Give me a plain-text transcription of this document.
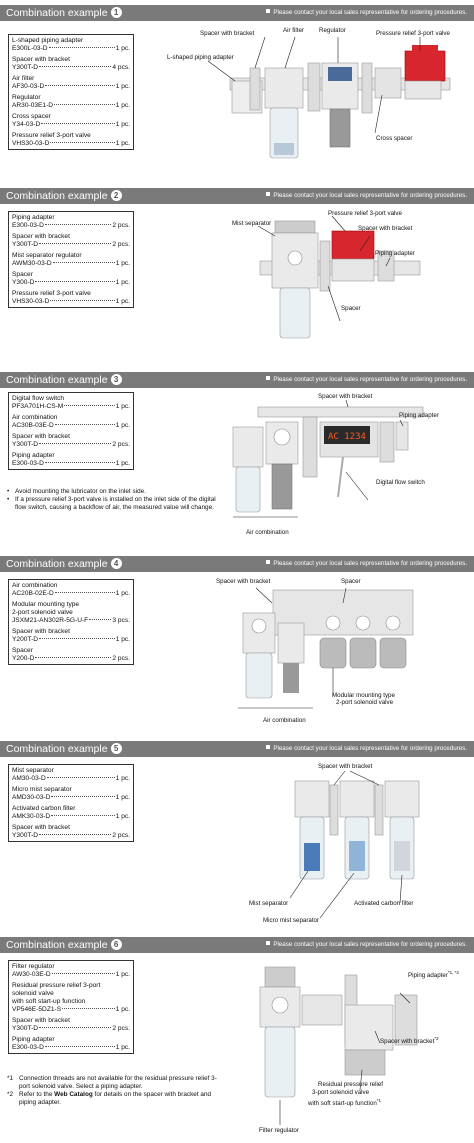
Combination example 1	Please contact your local sales representative for ordering procedures.
L-shaped piping adapter
E300L-03-D	1 pc.
Spacer with bracket
Y300T-D	4 pcs.
Air filter
AF30-03-D	1 pc.
Regulator
AR30-03E1-D	1 pc.
Cross spacer
Y34-03-D	1 pc.
Pressure relief 3-port valve
VHS30-03-D	1 pc.
Spacer with bracket	Air filter Regulator	Pressure relief 3-port valve
L-shaped piping adapter
Cross spacer
Combination example 2	Please contact your local sales representative for ordering procedures.
Piping adapter
E300-03-D	2 pcs.
Spacer with bracket
Y300T-D	2 pcs.
Mist separator regulator
AWM30-03-D	1 pc.
Spacer
Y300-D	1 pc.
Pressure relief 3-port valve
VHS30-03-D	1 pc.
Mist separator
Pressure relief 3-port valve
Spacer with bracket
Piping adapter
Spacer
Combination example 3	Please contact your local sales representative for ordering procedures.
Digital flow switch
PF3A701H-CS-M	1 pc.
Air combination
AC30B-03E-D	1 pc.
Spacer with bracket
Y300T-D	2 pcs.
Piping adapter
E300-03-D	1 pc.
• Avoid mounting the lubricator on the inlet side.
• If a pressure relief 3-port valve is installed on the inlet side of the digital flow switch, causing a backflow of air, the measured value will change.
AC 1234
Spacer with bracket
Piping adapter
Digital flow switch
Air combination
Combination example 4	Please contact your local sales representative for ordering procedures.
Air combination
AC20B-02E-D	1 pc.
Modular mounting type
2-port solenoid valve
JSXM21-AN302R-5G-U-F	3 pcs.
Spacer with bracket
Y200T-D	1 pc.
Spacer
Y200-D	2 pcs.
Spacer with bracket	Spacer
Modular mounting type
2-port solenoid valve
Air combination
Combination example 5	Please contact your local sales representative for ordering procedures.
Mist separator
AM30-03-D	1 pc.
Micro mist separator
AMD30-03-D	1 pc.
Activated carbon filter
AMK30-03-D	1 pc.
Spacer with bracket
Y300T-D	2 pcs.
Spacer with bracket
Mist separator	Activated carbon filter
Micro mist separator
Combination example 6	Please contact your local sales representative for ordering procedures.
Filter regulator
AW30-03E-D	1 pc.
Residual pressure relief 3-port
solenoid valve
with soft start-up function
VP546E-5DZ1-S	1 pc.
Spacer with bracket
Y300T-D	2 pcs.
Piping adapter
E300-03-D	1 pc.
*1 Connection threads are not available for the residual pressure relief 3-port solenoid valve. Select a piping adapter.
*2 Refer to the Web Catalog for details on the spacer with bracket and piping adapter.
Piping adapter$^{*1, *2}$
Spacer with bracket$^{*2}$
Residual pressure relief
3-port solenoid valve
with soft start-up function$^{*1}$
Filter regulator
